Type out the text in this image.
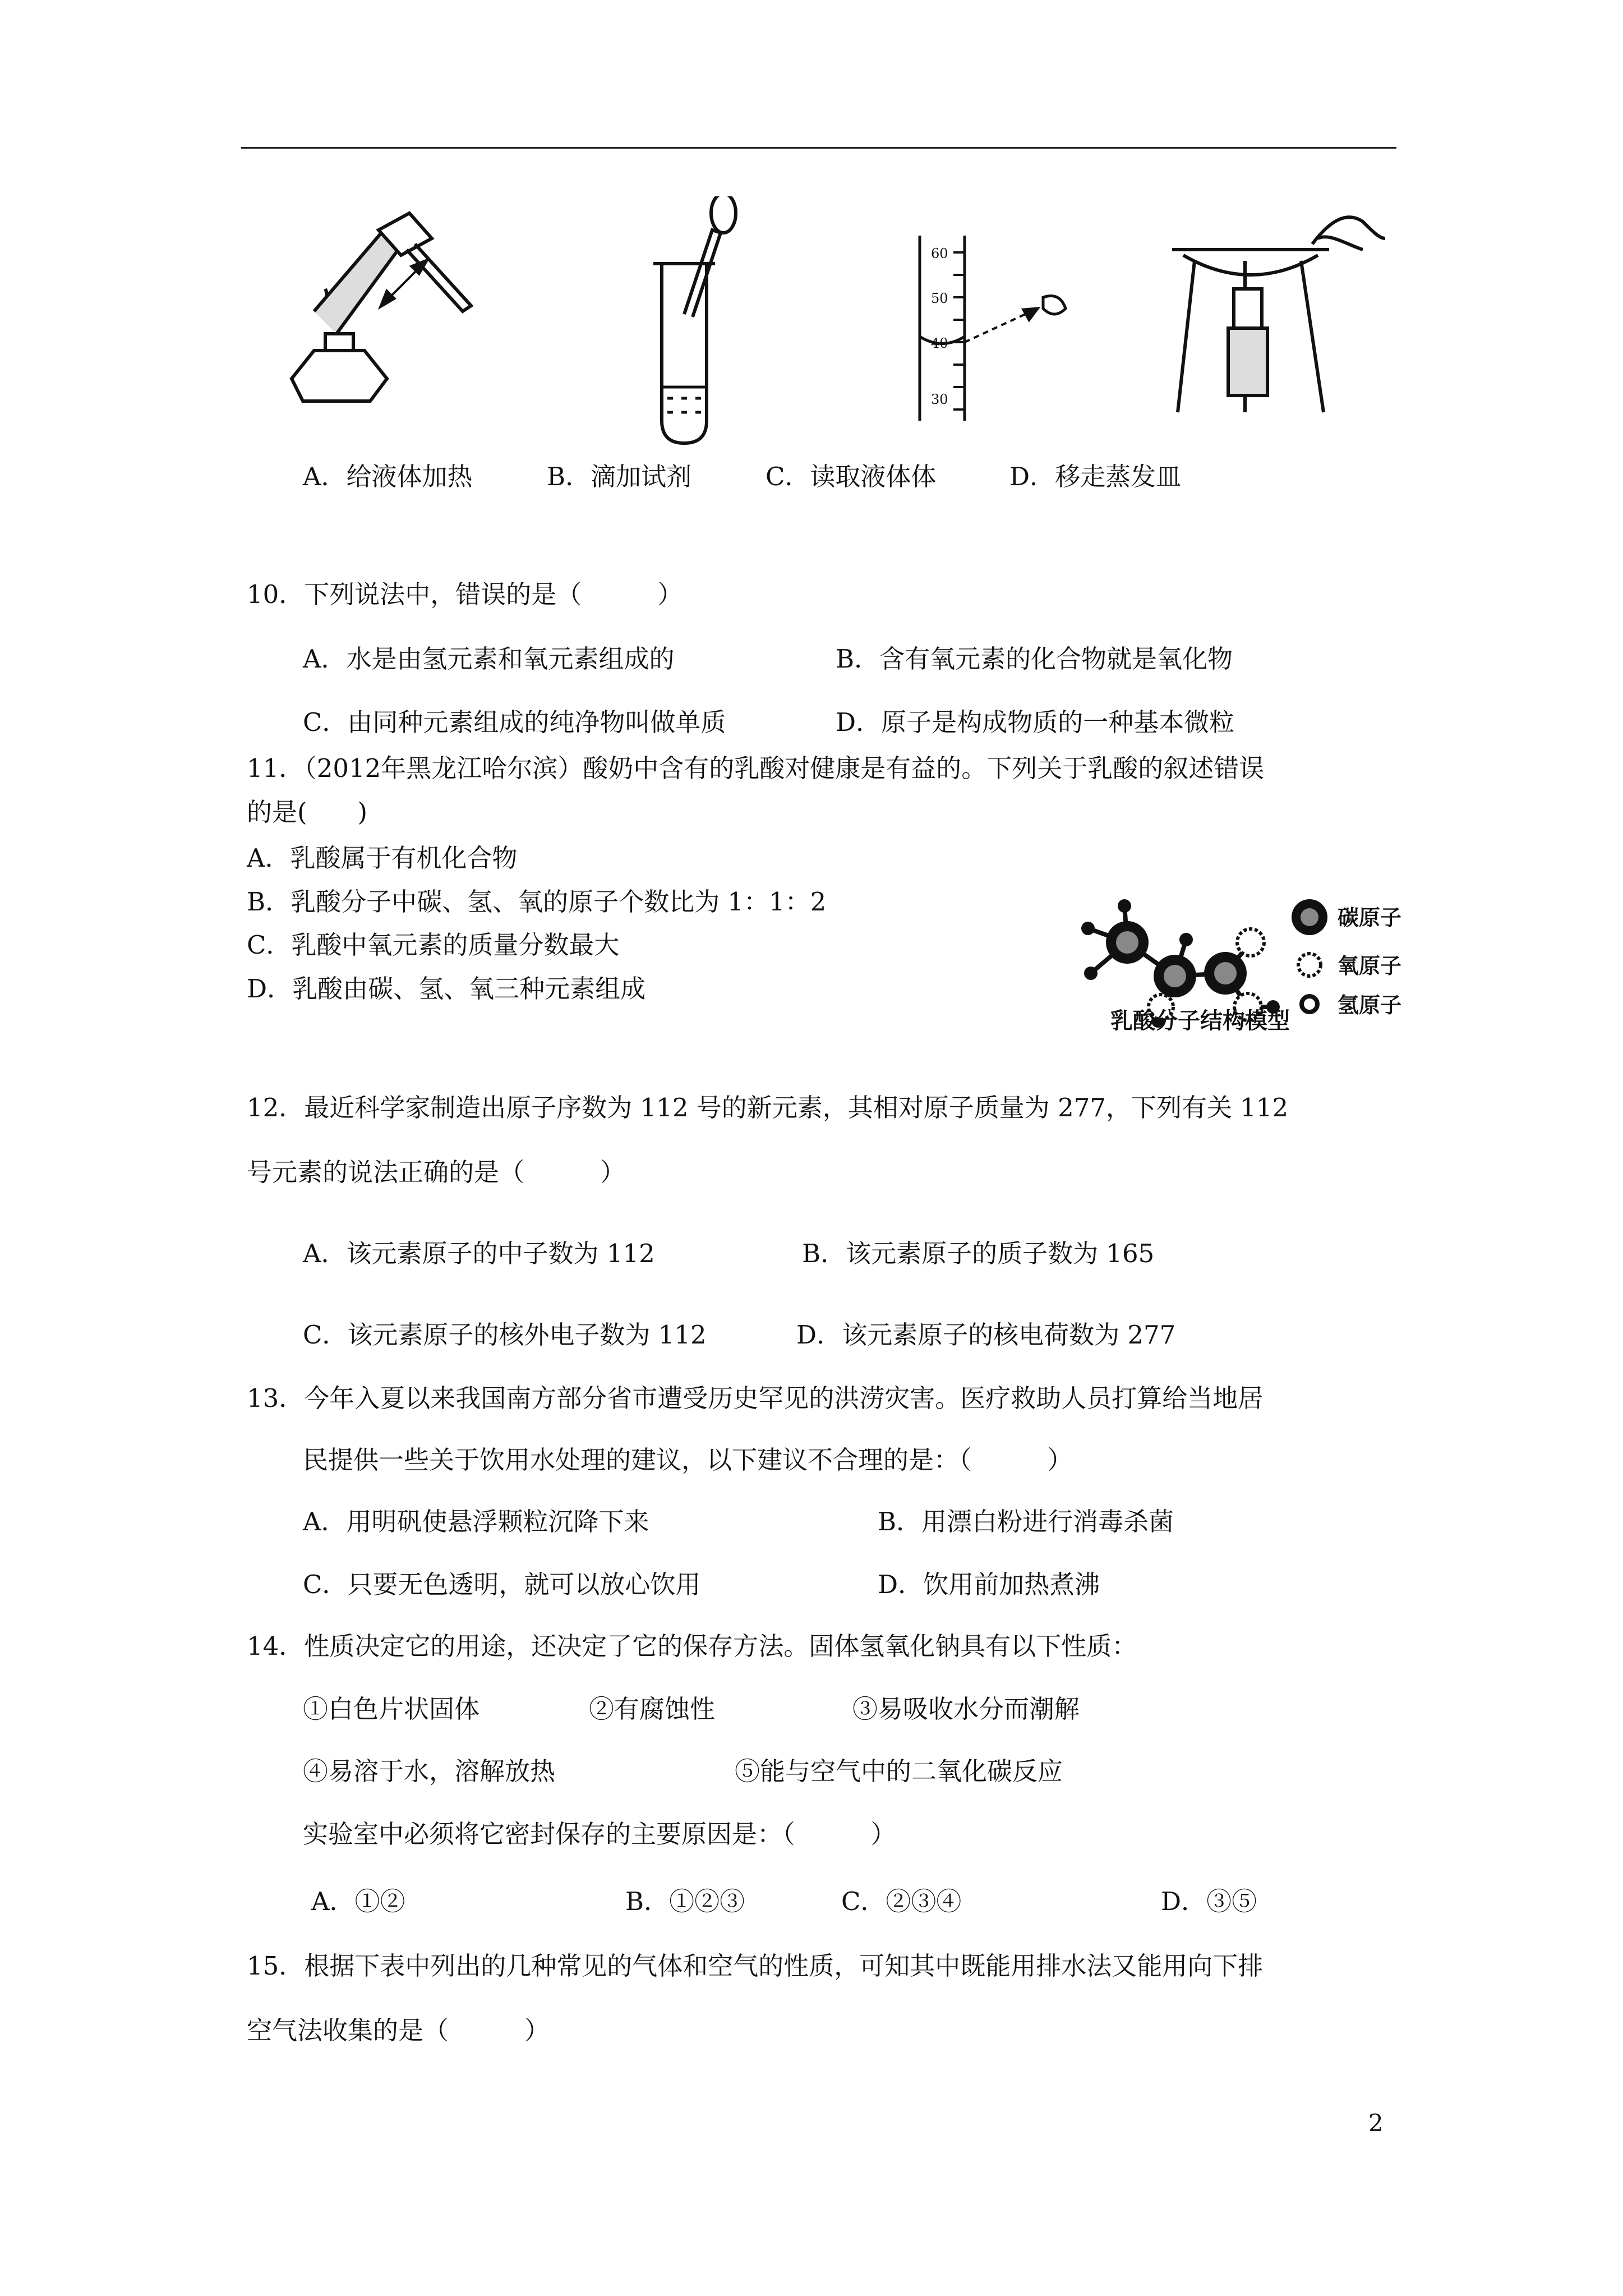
60
50
40
30
A．给液体加热	B．滴加试剂	C．读取液体体	D．移走蒸发皿
10．下列说法中，错误的是（　　　）
A．水是由氢元素和氧元素组成的	B．含有氧元素的化合物就是氧化物
C．由同种元素组成的纯净物叫做单质	D．原子是构成物质的一种基本微粒
11．（2012年黑龙江哈尔滨）酸奶中含有的乳酸对健康是有益的。下列关于乳酸的叙述错误
的是(　　)
A．乳酸属于有机化合物
B．乳酸分子中碳、氢、氧的原子个数比为 1：1：2
C．乳酸中氧元素的质量分数最大
D．乳酸由碳、氢、氧三种元素组成
碳原子
氧原子
氢原子
乳酸分子结构模型
12．最近科学家制造出原子序数为 112 号的新元素，其相对原子质量为 277，下列有关 112
号元素的说法正确的是（　　　）
A．该元素原子的中子数为 112	B．该元素原子的质子数为 165
C．该元素原子的核外电子数为 112	D．该元素原子的核电荷数为 277
13．今年入夏以来我国南方部分省市遭受历史罕见的洪涝灾害。医疗救助人员打算给当地居
民提供一些关于饮用水处理的建议，以下建议不合理的是：（　　　）
A．用明矾使悬浮颗粒沉降下来	B．用漂白粉进行消毒杀菌
C．只要无色透明，就可以放心饮用	D．饮用前加热煮沸
14．性质决定它的用途，还决定了它的保存方法。固体氢氧化钠具有以下性质：
①白色片状固体	②有腐蚀性	③易吸收水分而潮解
④易溶于水，溶解放热	⑤能与空气中的二氧化碳反应
实验室中必须将它密封保存的主要原因是：（　　　）
A．①②	B．①②③	C．②③④	D．③⑤
15．根据下表中列出的几种常见的气体和空气的性质，可知其中既能用排水法又能用向下排
空气法收集的是（　　　）
2
